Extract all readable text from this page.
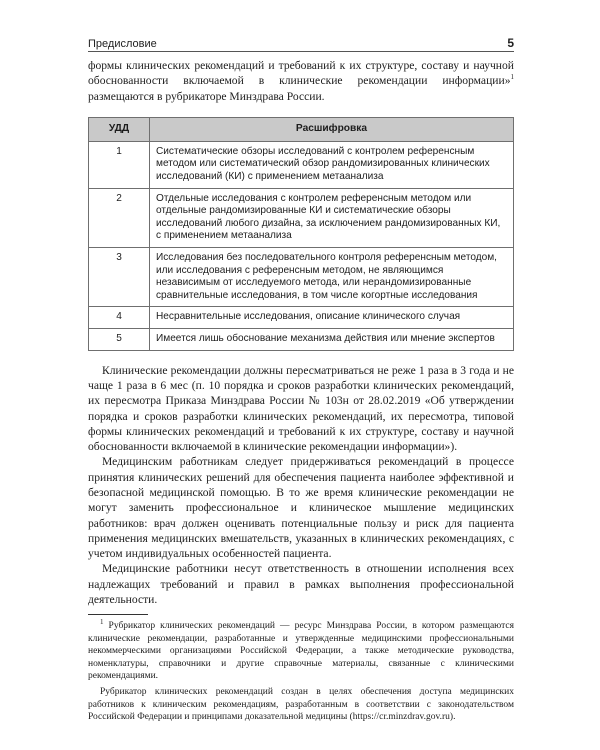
Предисловие	5

формы клинических рекомендаций и требований к их структуре, составу и научной обоснованности включаемой в клинические рекомендации информации»$^1$ размещаются в рубрикаторе Минздрава России.

УДД	Расшифровка
1	Систематические обзоры исследований с контролем референсным методом или систематический обзор рандомизированных клинических исследований (КИ) с применением метаанализа
2	Отдельные исследования с контролем референсным методом или отдельные рандомизированные КИ и систематические обзоры исследований любого дизайна, за исключением рандомизированных КИ, с применением метаанализа
3	Исследования без последовательного контроля референсным методом, или исследования с референсным методом, не являющимся независимым от исследуемого метода, или нерандомизированные сравнительные исследования, в том числе когортные исследования
4	Несравнительные исследования, описание клинического случая
5	Имеется лишь обоснование механизма действия или мнение экспертов

Клинические рекомендации должны пересматриваться не реже 1 раза в 3 года и не чаще 1 раза в 6 мес (п. 10 порядка и сроков разработки клинических рекомендаций, их пересмотра Приказа Минздрава России № 103н от 28.02.2019 «Об утверждении порядка и сроков разработки клинических рекомендаций, их пересмотра, типовой формы клинических рекомендаций и требований к их структуре, составу и научной обоснованности включаемой в клинические рекомендации информации»).

Медицинским работникам следует придерживаться рекомендаций в процессе принятия клинических решений для обеспечения пациента наиболее эффективной и безопасной медицинской помощью. В то же время клинические рекомендации не могут заменить профессиональное и клиническое мышление медицинских работников: врач должен оценивать потенциальные пользу и риск для пациента применения медицинских вмешательств, указанных в клинических рекомендациях, с учетом индивидуальных особенностей пациента.

Медицинские работники несут ответственность в отношении исполнения всех надлежащих требований и правил в рамках выполнения профессиональной деятельности.

$^1$ Рубрикатор клинических рекомендаций — ресурс Минздрава России, в котором размещаются клинические рекомендации, разработанные и утвержденные медицинскими профессиональными некоммерческими организациями Российской Федерации, а также методические руководства, номенклатуры, справочники и другие справочные материалы, связанные с клиническими рекомендациями.

Рубрикатор клинических рекомендаций создан в целях обеспечения доступа медицинских работников к клиническим рекомендациям, разработанным в соответствии с законодательством Российской Федерации и принципами доказательной медицины (https://cr.minzdrav.gov.ru).
